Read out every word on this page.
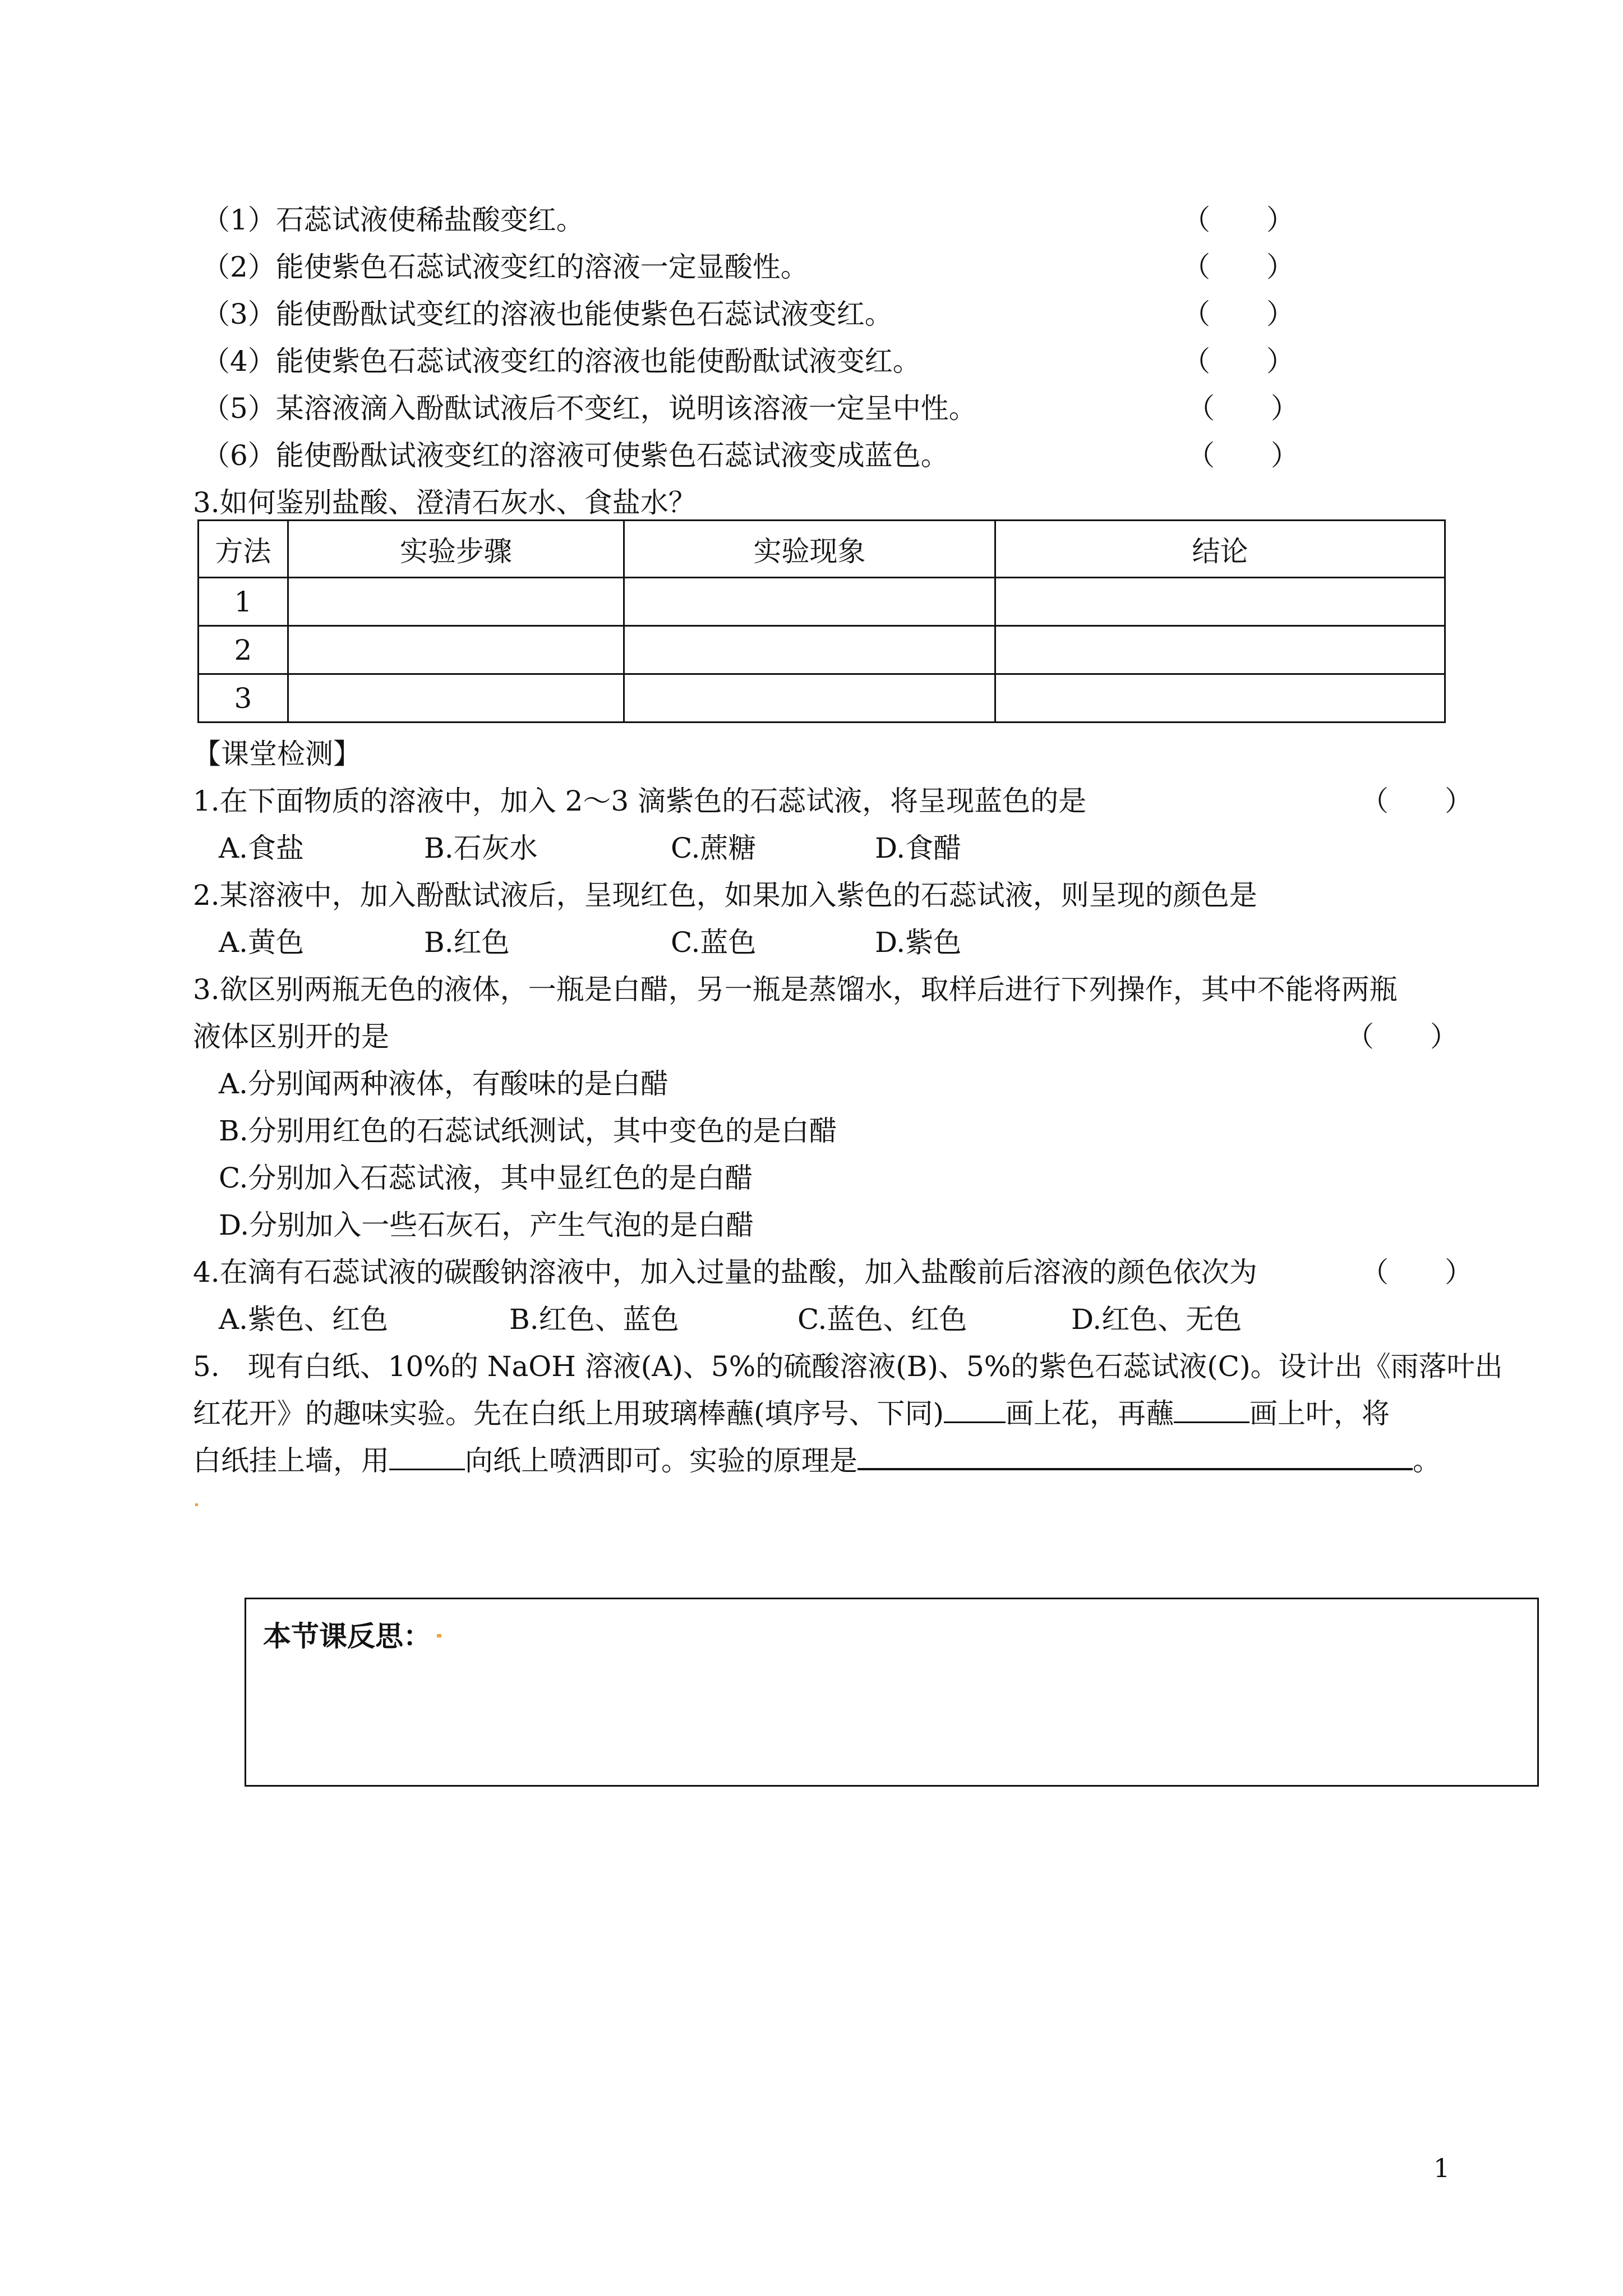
（1）石蕊试液使稀盐酸变红。	（　　）
（2）能使紫色石蕊试液变红的溶液一定显酸性。	（　　）
（3）能使酚酞试变红的溶液也能使紫色石蕊试液变红。	（　　）
（4）能使紫色石蕊试液变红的溶液也能使酚酞试液变红。	（　　）
（5）某溶液滴入酚酞试液后不变红，说明该溶液一定呈中性。	（　　）
（6）能使酚酞试液变红的溶液可使紫色石蕊试液变成蓝色。	（　　）
3.如何鉴别盐酸、澄清石灰水、食盐水？
方法	实验步骤	实验现象	结论
1			
2			
3			
【课堂检测】
1.在下面物质的溶液中，加入 2～3 滴紫色的石蕊试液，将呈现蓝色的是	（　　）
A.食盐	B.石灰水	C.蔗糖	D.食醋
2.某溶液中，加入酚酞试液后，呈现红色，如果加入紫色的石蕊试液，则呈现的颜色是
A.黄色	B.红色	C.蓝色	D.紫色
3.欲区别两瓶无色的液体，一瓶是白醋，另一瓶是蒸馏水，取样后进行下列操作，其中不能将两瓶
液体区别开的是	（　　）
A.分别闻两种液体，有酸味的是白醋
B.分别用红色的石蕊试纸测试，其中变色的是白醋
C.分别加入石蕊试液，其中显红色的是白醋
D.分别加入一些石灰石，产生气泡的是白醋
4.在滴有石蕊试液的碳酸钠溶液中，加入过量的盐酸，加入盐酸前后溶液的颜色依次为	（　　）
A.紫色、红色	B.红色、蓝色	C.蓝色、红色	D.红色、无色
5.　现有白纸、10%的 NaOH 溶液(A)、5%的硫酸溶液(B)、5%的紫色石蕊试液(C)。设计出《雨落叶出
红花开》的趣味实验。先在白纸上用玻璃棒蘸(填序号、下同) 画上花，再蘸	画上叶，将
白纸挂上墙，用	向纸上喷洒即可。实验的原理是	。
本节课反思：
1
